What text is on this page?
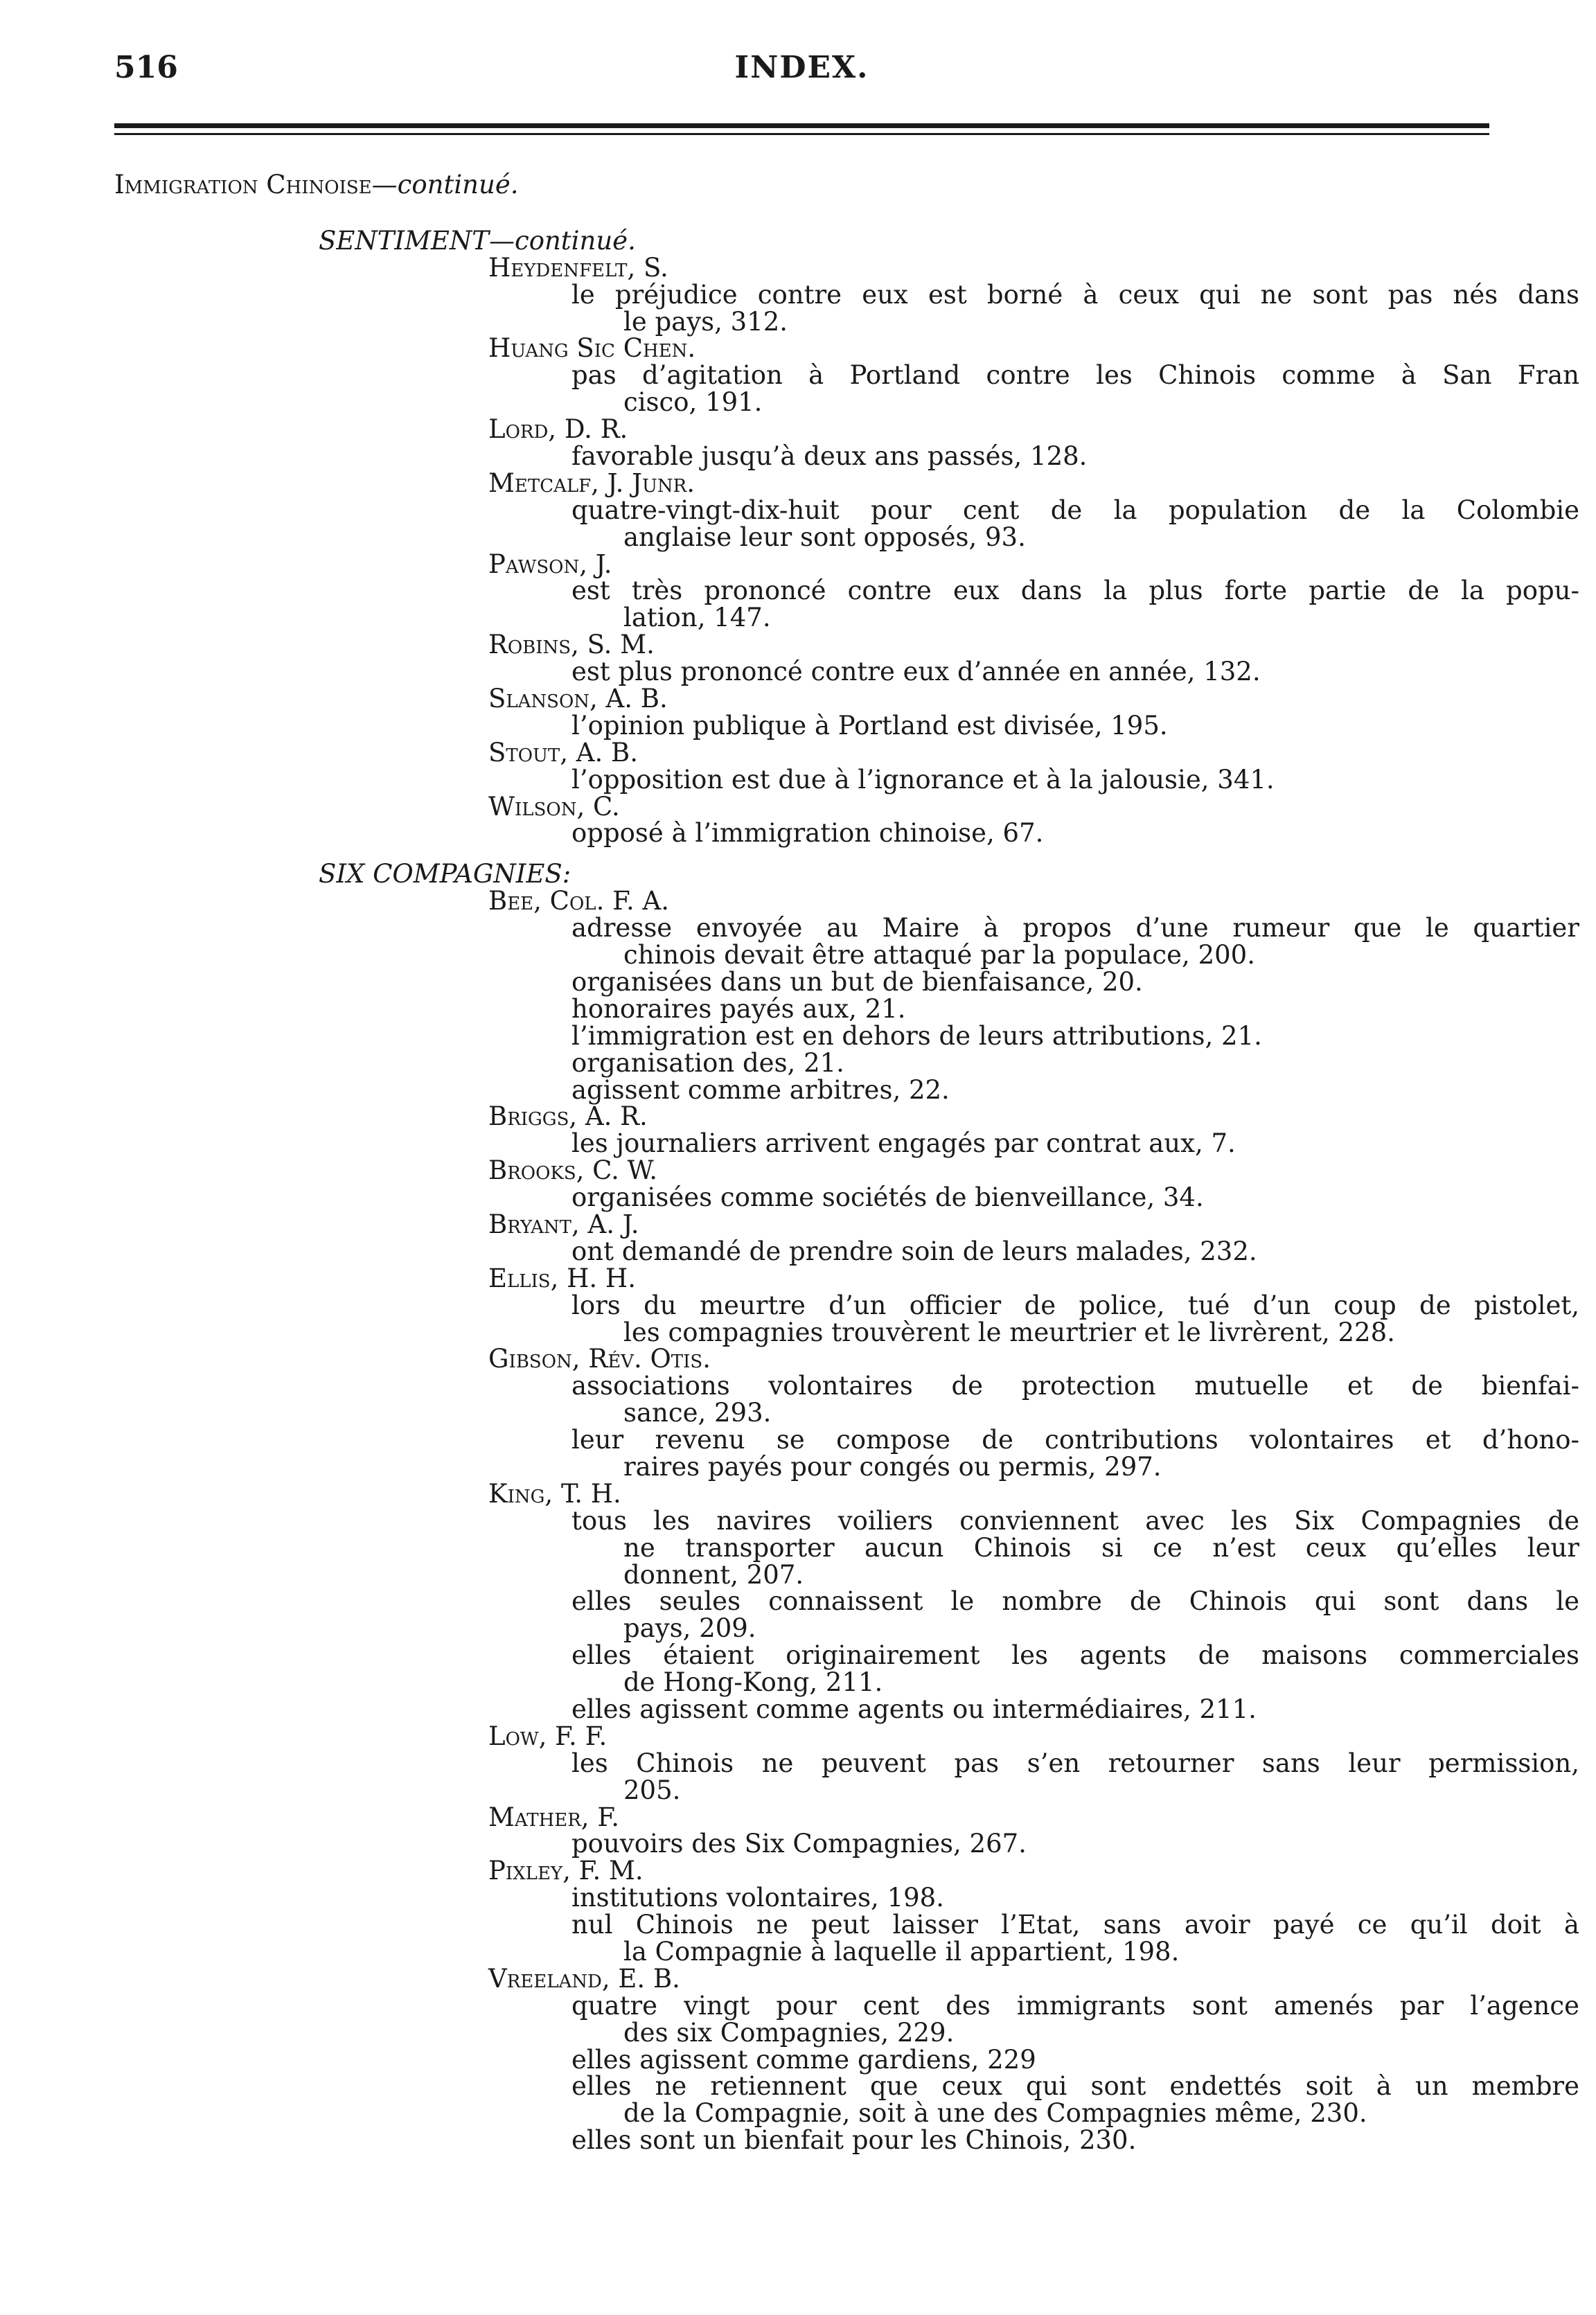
516	INDEX.
Immigration Chinoise—continué.
SENTIMENT—continué.
Heydenfelt, S.
le préjudice contre eux est borné à ceux qui ne sont pas nés dans
le pays, 312.
Huang Sic Chen.
pas d’agitation à Portland contre les Chinois comme à San Fran
cisco, 191.
Lord, D. R.
favorable jusqu’à deux ans passés, 128.
Metcalf, J. Junr.
quatre-vingt-dix-huit pour cent de la population de la Colombie
anglaise leur sont opposés, 93.
Pawson, J.
est très prononcé contre eux dans la plus forte partie de la popu-
lation, 147.
Robins, S. M.
est plus prononcé contre eux d’année en année, 132.
Slanson, A. B.
l’opinion publique à Portland est divisée, 195.
Stout, A. B.
l’opposition est due à l’ignorance et à la jalousie, 341.
Wilson, C.
opposé à l’immigration chinoise, 67.
SIX COMPAGNIES:
Bee, Col. F. A.
adresse envoyée au Maire à propos d’une rumeur que le quartier
chinois devait être attaqué par la populace, 200.
organisées dans un but de bienfaisance, 20.
honoraires payés aux, 21.
l’immigration est en dehors de leurs attributions, 21.
organisation des, 21.
agissent comme arbitres, 22.
Briggs, A. R.
les journaliers arrivent engagés par contrat aux, 7.
Brooks, C. W.
organisées comme sociétés de bienveillance, 34.
Bryant, A. J.
ont demandé de prendre soin de leurs malades, 232.
Ellis, H. H.
lors du meurtre d’un officier de police, tué d’un coup de pistolet,
les compagnies trouvèrent le meurtrier et le livrèrent, 228.
Gibson, Rév. Otis.
associations volontaires de protection mutuelle et de bienfai-
sance, 293.
leur revenu se compose de contributions volontaires et d’hono-
raires payés pour congés ou permis, 297.
King, T. H.
tous les navires voiliers conviennent avec les Six Compagnies de
ne transporter aucun Chinois si ce n’est ceux qu’elles leur
donnent, 207.
elles seules connaissent le nombre de Chinois qui sont dans le
pays, 209.
elles étaient originairement les agents de maisons commerciales
de Hong-Kong, 211.
elles agissent comme agents ou intermédiaires, 211.
Low, F. F.
les Chinois ne peuvent pas s’en retourner sans leur permission,
205.
Mather, F.
pouvoirs des Six Compagnies, 267.
Pixley, F. M.
institutions volontaires, 198.
nul Chinois ne peut laisser l’Etat, sans avoir payé ce qu’il doit à
la Compagnie à laquelle il appartient, 198.
Vreeland, E. B.
quatre vingt pour cent des immigrants sont amenés par l’agence
des six Compagnies, 229.
elles agissent comme gardiens, 229
elles ne retiennent que ceux qui sont endettés soit à un membre
de la Compagnie, soit à une des Compagnies même, 230.
elles sont un bienfait pour les Chinois, 230.
